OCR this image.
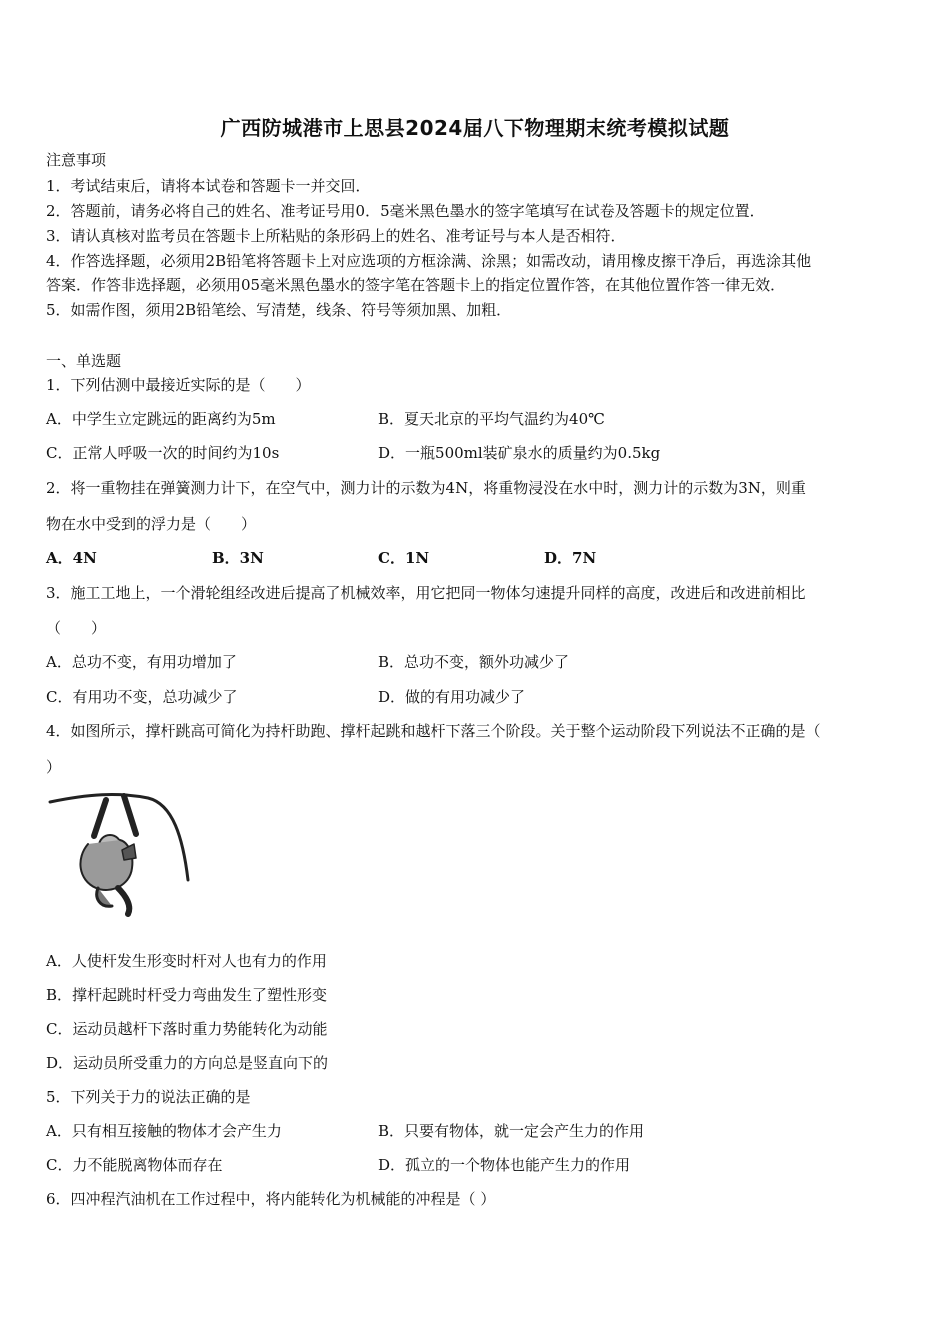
广西防城港市上思县2024届八下物理期末统考模拟试题
注意事项
1．考试结束后，请将本试卷和答题卡一并交回．
2．答题前，请务必将自己的姓名、准考证号用0．5毫米黑色墨水的签字笔填写在试卷及答题卡的规定位置．
3．请认真核对监考员在答题卡上所粘贴的条形码上的姓名、准考证号与本人是否相符．
4．作答选择题，必须用2B铅笔将答题卡上对应选项的方框涂满、涂黑；如需改动，请用橡皮擦干净后，再选涂其他
答案．作答非选择题，必须用05毫米黑色墨水的签字笔在答题卡上的指定位置作答，在其他位置作答一律无效．
5．如需作图，须用2B铅笔绘、写清楚，线条、符号等须加黑、加粗．
一、单选题
1．下列估测中最接近实际的是（　　）
A．中学生立定跳远的距离约为5m	B．夏天北京的平均气温约为40℃
C．正常人呼吸一次的时间约为10s	D．一瓶500ml装矿泉水的质量约为0.5kg
2．将一重物挂在弹簧测力计下，在空气中，测力计的示数为4N，将重物浸没在水中时，测力计的示数为3N，则重
物在水中受到的浮力是（　　）
A．4N	B．3N	C．1N	D．7N
3．施工工地上，一个滑轮组经改进后提高了机械效率，用它把同一物体匀速提升同样的高度，改进后和改进前相比
（　　）
A．总功不变，有用功增加了	B．总功不变，额外功减少了
C．有用功不变，总功减少了	D．做的有用功减少了
4．如图所示，撑杆跳高可简化为持杆助跑、撑杆起跳和越杆下落三个阶段。关于整个运动阶段下列说法不正确的是（
）
A．人使杆发生形变时杆对人也有力的作用
B．撑杆起跳时杆受力弯曲发生了塑性形变
C．运动员越杆下落时重力势能转化为动能
D．运动员所受重力的方向总是竖直向下的
5．下列关于力的说法正确的是
A．只有相互接触的物体才会产生力	B．只要有物体，就一定会产生力的作用
C．力不能脱离物体而存在	D．孤立的一个物体也能产生力的作用
6．四冲程汽油机在工作过程中，将内能转化为机械能的冲程是（ ）
